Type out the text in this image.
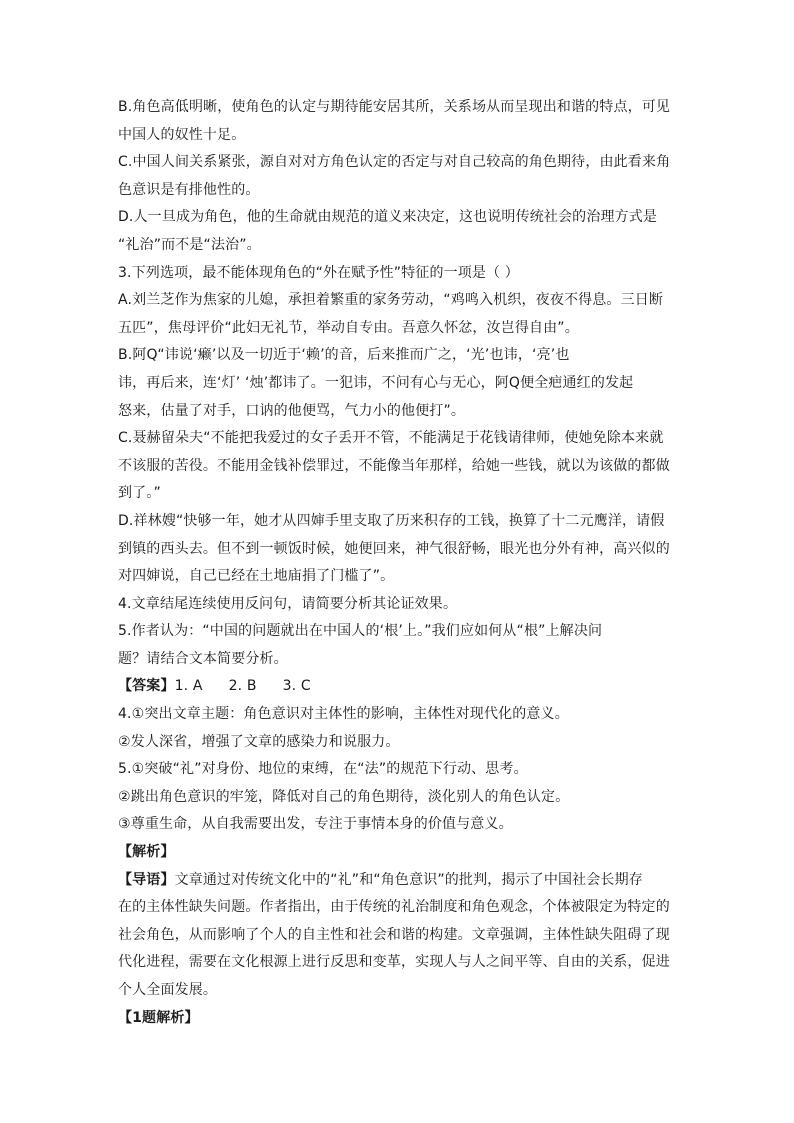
B.角色高低明晰，使角色的认定与期待能安居其所，关系场从而呈现出和谐的特点，可见
中国人的奴性十足。
C.中国人间关系紧张，源自对对方角色认定的否定与对自己较高的角色期待，由此看来角
色意识是有排他性的。
D.人一旦成为角色，他的生命就由规范的道义来决定，这也说明传统社会的治理方式是
“礼治”而不是“法治”。
3.下列选项，最不能体现角色的“外在赋予性”特征的一项是（ ）
A.刘兰芝作为焦家的儿媳，承担着繁重的家务劳动，“鸡鸣入机织，夜夜不得息。三日断
五匹”，焦母评价“此妇无礼节，举动自专由。吾意久怀忿，汝岂得自由”。
B.阿Q“讳说‘癞’以及一切近于‘赖’的音，后来推而广之，‘光’也讳，‘亮’也
讳，再后来，连‘灯’ ‘烛’都讳了。一犯讳，不问有心与无心，阿Q便全疤通红的发起
怒来，估量了对手，口讷的他便骂，气力小的他便打”。
C.聂赫留朵夫“不能把我爱过的女子丢开不管，不能满足于花钱请律师，使她免除本来就
不该服的苦役。不能用金钱补偿罪过，不能像当年那样，给她一些钱，就以为该做的都做
到了。”
D.祥林嫂“快够一年，她才从四婶手里支取了历来积存的工钱，换算了十二元鹰洋，请假
到镇的西头去。但不到一顿饭时候，她便回来，神气很舒畅，眼光也分外有神，高兴似的
对四婶说，自己已经在土地庙捐了门槛了”。
4.文章结尾连续使用反问句，请简要分析其论证效果。
5.作者认为：“中国的问题就出在中国人的‘根’上。”我们应如何从“根”上解决问
题？请结合文本简要分析。
【答案】1. A 2. B 3. C
4.①突出文章主题：角色意识对主体性的影响，主体性对现代化的意义。
②发人深省，增强了文章的感染力和说服力。
5.①突破“礼”对身份、地位的束缚，在“法”的规范下行动、思考。
②跳出角色意识的牢笼，降低对自己的角色期待，淡化别人的角色认定。
③尊重生命，从自我需要出发，专注于事情本身的价值与意义。
【解析】
【导语】文章通过对传统文化中的“礼”和“角色意识”的批判，揭示了中国社会长期存
在的主体性缺失问题。作者指出，由于传统的礼治制度和角色观念，个体被限定为特定的
社会角色，从而影响了个人的自主性和社会和谐的构建。文章强调，主体性缺失阻碍了现
代化进程，需要在文化根源上进行反思和变革，实现人与人之间平等、自由的关系，促进
个人全面发展。
【1题解析】
